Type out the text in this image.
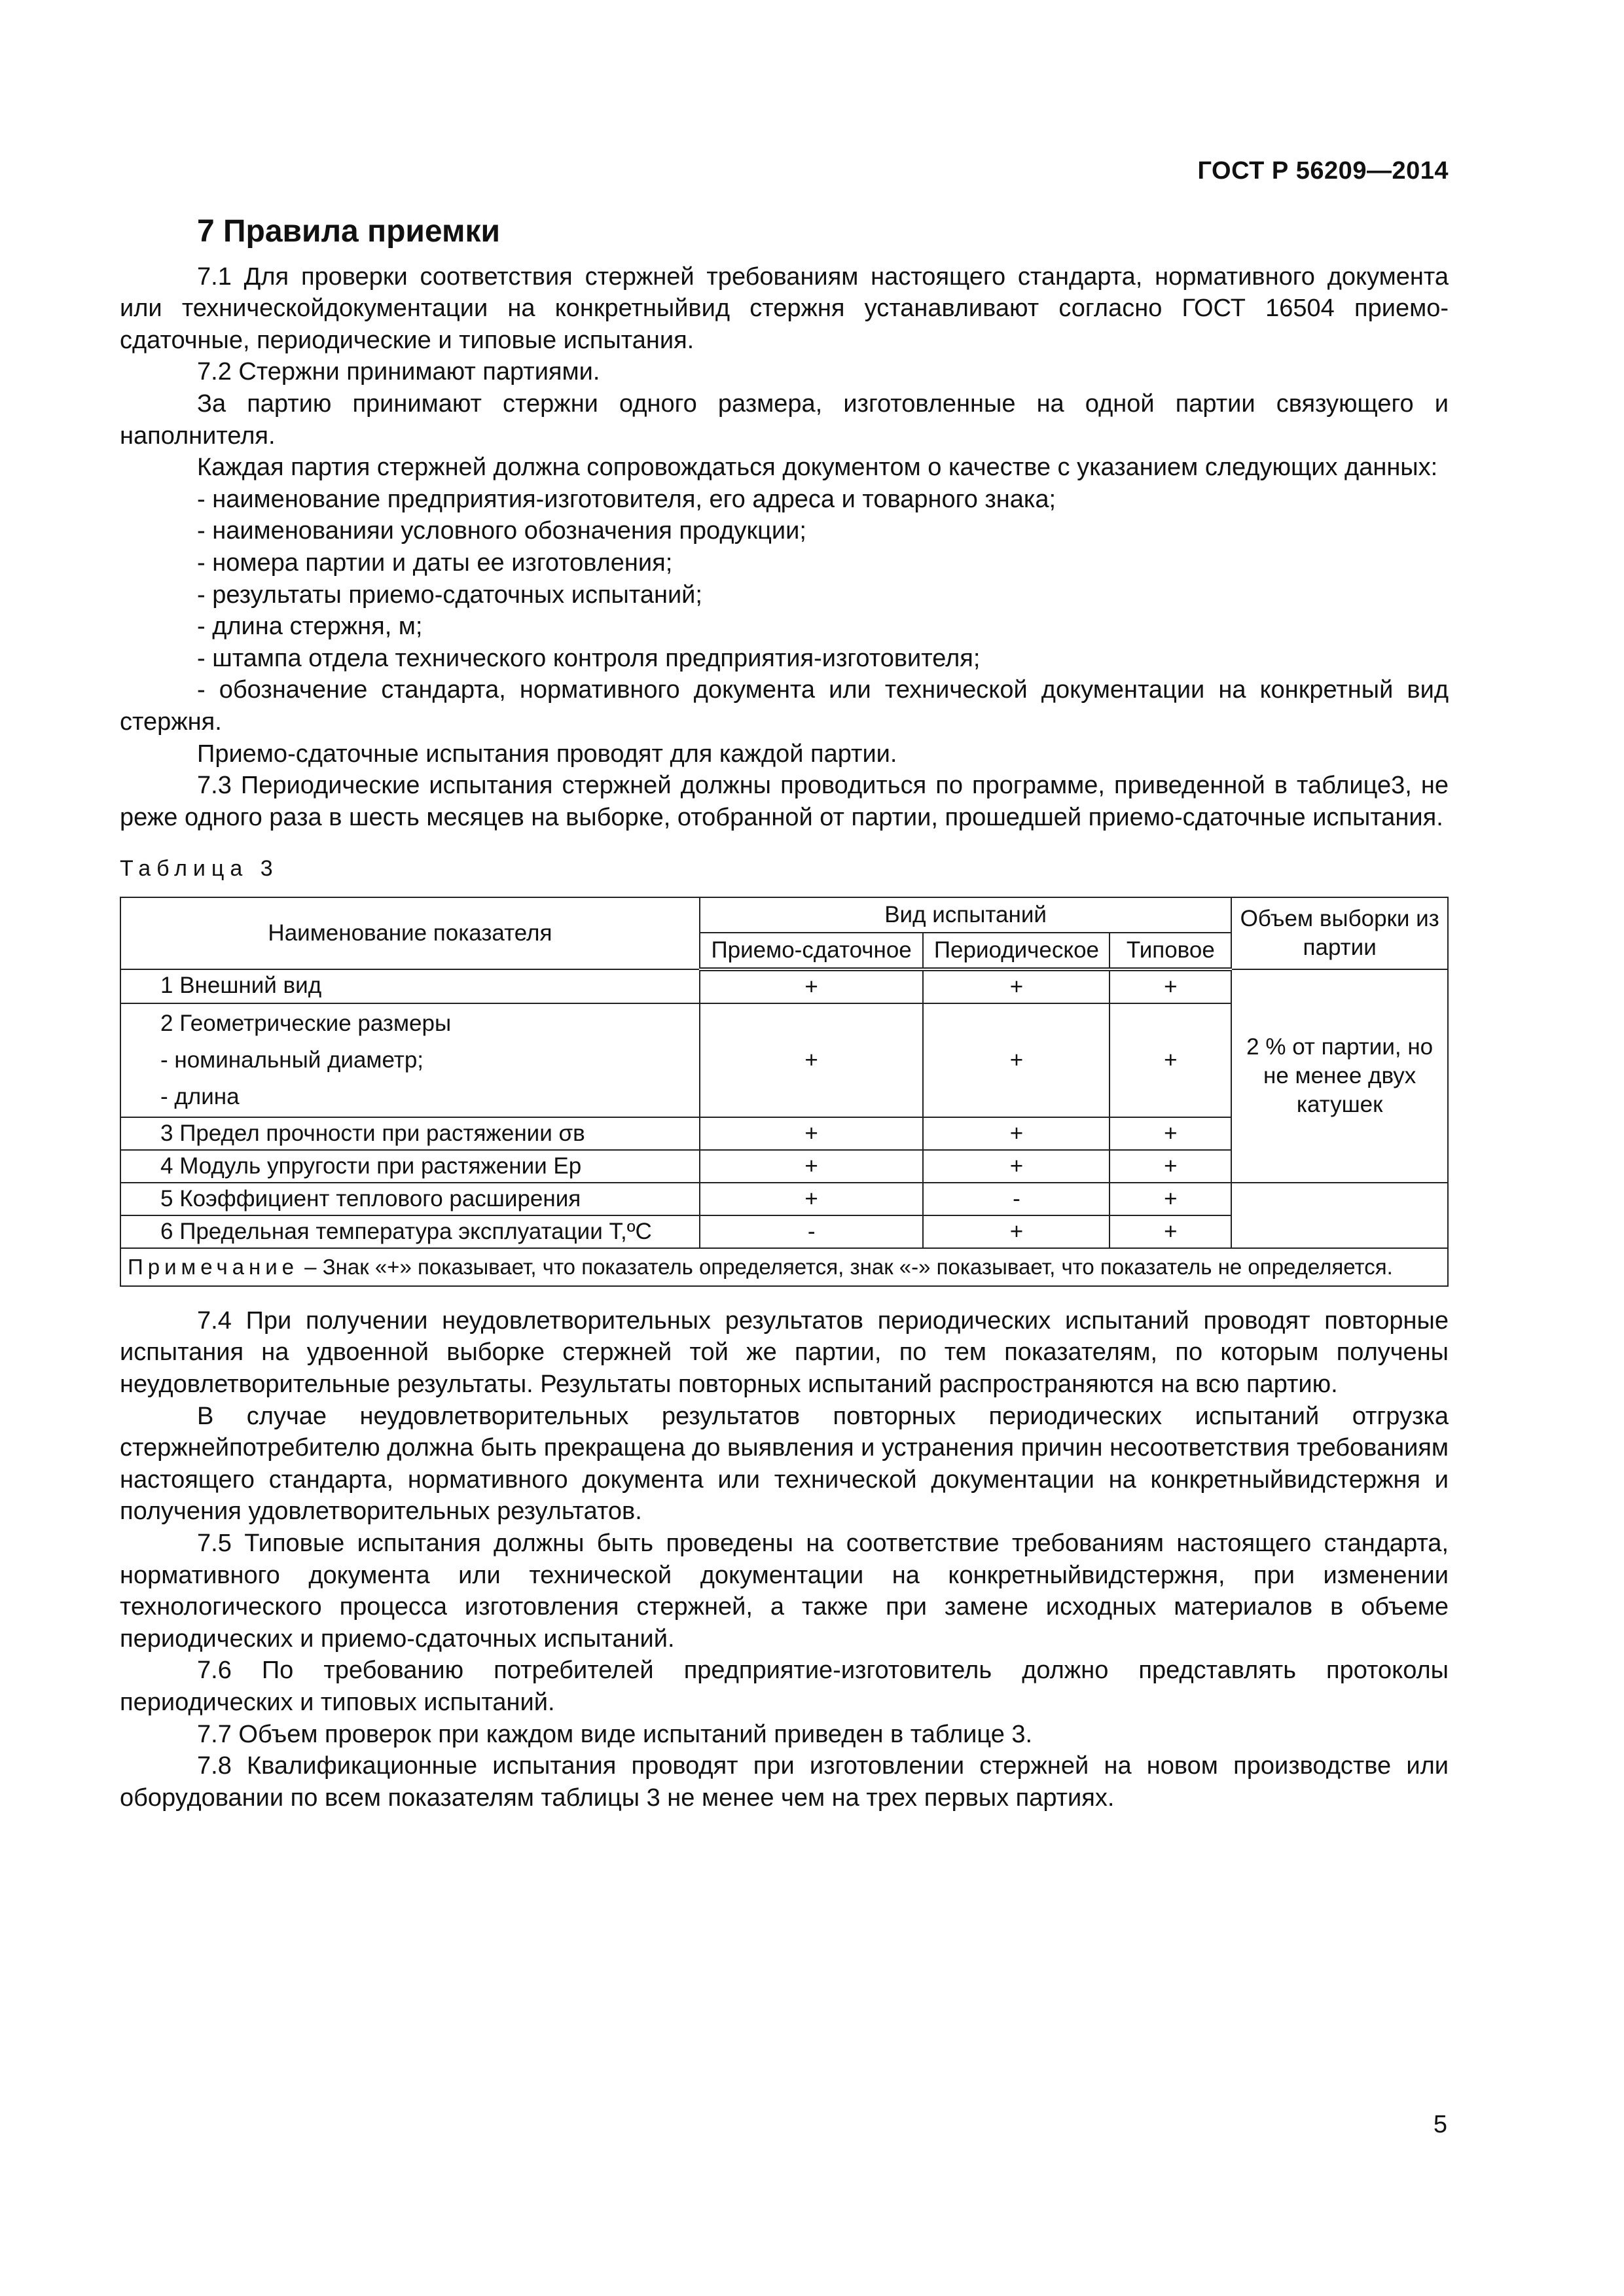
ГОСТ Р 56209—2014
7 Правила приемки

7.1 Для проверки соответствия стержней требованиям настоящего стандарта, нормативного документа или техническойдокументации на конкретныйвид стержня устанавливают согласно ГОСТ 16504 приемо-сдаточные, периодические и типовые испытания.

7.2 Стержни принимают партиями.

За партию принимают стержни одного размера, изготовленные на одной партии связующего и наполнителя.

Каждая партия стержней должна сопровождаться документом о качестве с указанием следующих данных:

- наименование предприятия-изготовителя, его адреса и товарного знака;

- наименованияи условного обозначения продукции;

- номера партии и даты ее изготовления;

- результаты приемо-сдаточных испытаний;

- длина стержня, м;

- штампа отдела технического контроля предприятия-изготовителя;

- обозначение стандарта, нормативного документа или технической документации на конкретный вид стержня.

Приемо-сдаточные испытания проводят для каждой партии.

7.3 Периодические испытания стержней должны проводиться по программе, приведенной в таблице3, не реже одного раза в шесть месяцев на выборке, отобранной от партии, прошедшей приемо-сдаточные испытания.

Таблица 3
Наименование показателя	Вид испытаний			Объем выборки из партии
	Приемо-сдаточное	Периодическое	Типовое	
1 Внешний вид	+	+	+	2 % от партии, но не менее двух катушек

2 Геометрические размеры
- номинальный диаметр;
- длина	+	+	+	
3 Предел прочности при растяжении σв	+	+	+	
4 Модуль упругости при растяжении Eр	+	+	+	
5 Коэффициент теплового расширения	+	-	+	
6 Предельная температура эксплуатации T,ºC	-	+	+	
Примечание – Знак «+» показывает, что показатель определяется, знак «-» показывает, что показатель не определяется.				

7.4 При получении неудовлетворительных результатов периодических испытаний проводят повторные испытания на удвоенной выборке стержней той же партии, по тем показателям, по которым получены неудовлетворительные результаты. Результаты повторных испытаний распространяются на всю партию.

В случае неудовлетворительных результатов повторных периодических испытаний отгрузка стержнейпотребителю должна быть прекращена до выявления и устранения причин несоответствия требованиям настоящего стандарта, нормативного документа или технической документации на конкретныйвидстержня и получения удовлетворительных результатов.

7.5 Типовые испытания должны быть проведены на соответствие требованиям настоящего стандарта, нормативного документа или технической документации на конкретныйвидстержня, при изменении технологического процесса изготовления стержней, а также при замене исходных материалов в объеме периодических и приемо-сдаточных испытаний.

7.6 По требованию потребителей предприятие-изготовитель должно представлять протоколы периодических и типовых испытаний.

7.7 Объем проверок при каждом виде испытаний приведен в таблице 3.

7.8 Квалификационные испытания проводят при изготовлении стержней на новом производстве или оборудовании по всем показателям таблицы 3 не менее чем на трех первых партиях.

5
